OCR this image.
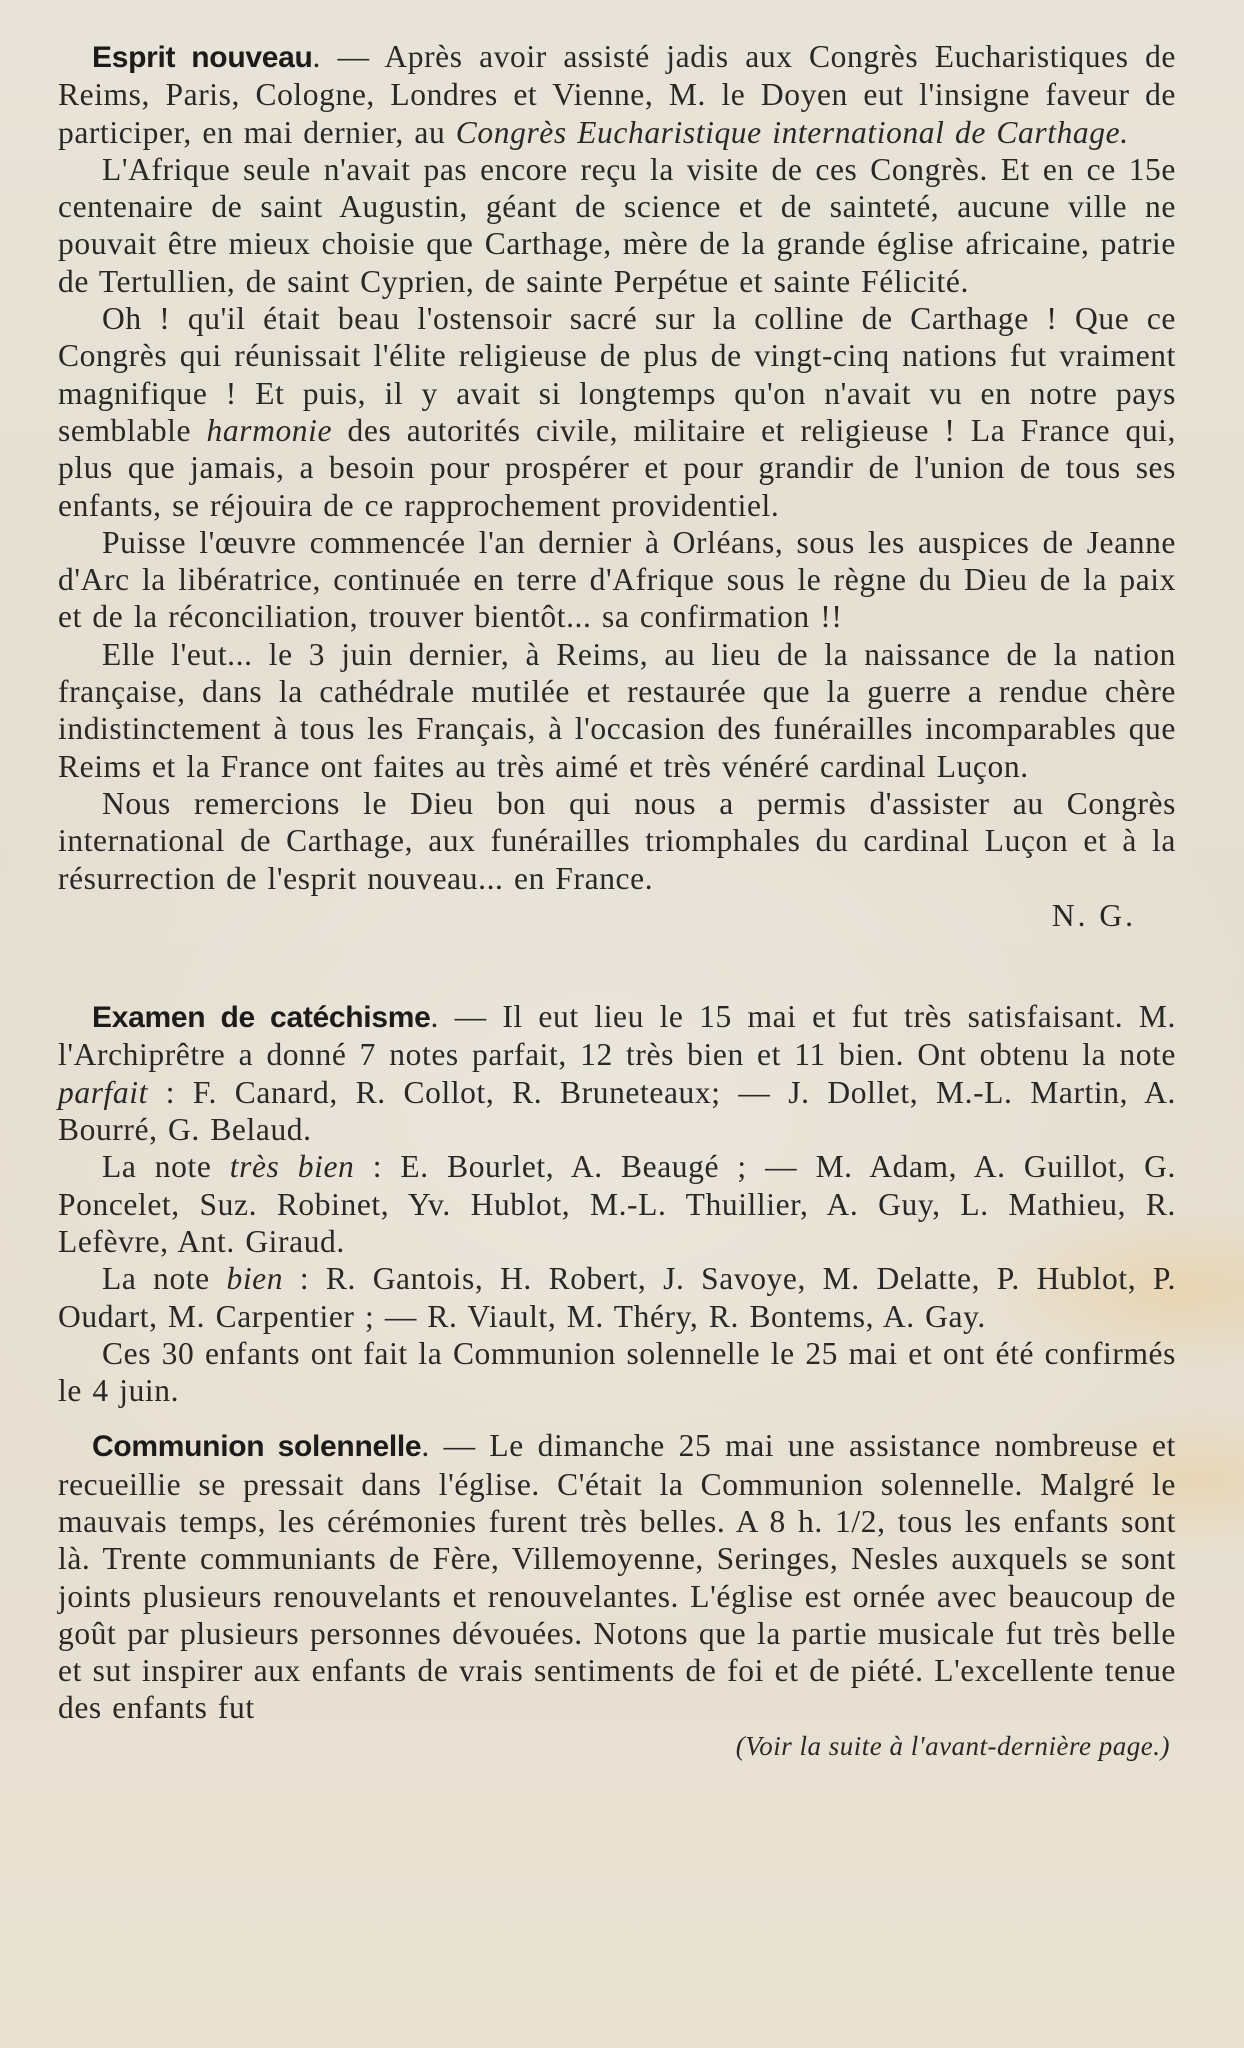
Esprit nouveau. — Après avoir assisté jadis aux Congrès Eucharistiques de Reims, Paris, Cologne, Londres et Vienne, M. le Doyen eut l'insigne faveur de participer, en mai dernier, au Congrès Eucharistique international de Carthage.

L'Afrique seule n'avait pas encore reçu la visite de ces Congrès. Et en ce 15e centenaire de saint Augustin, géant de science et de sainteté, aucune ville ne pouvait être mieux choisie que Carthage, mère de la grande église africaine, patrie de Tertullien, de saint Cyprien, de sainte Perpétue et sainte Félicité.

Oh ! qu'il était beau l'ostensoir sacré sur la colline de Carthage ! Que ce Congrès qui réunissait l'élite religieuse de plus de vingt-cinq nations fut vraiment magnifique ! Et puis, il y avait si longtemps qu'on n'avait vu en notre pays semblable harmonie des autorités civile, militaire et religieuse ! La France qui, plus que jamais, a besoin pour prospérer et pour grandir de l'union de tous ses enfants, se réjouira de ce rapprochement providentiel.

Puisse l'œuvre commencée l'an dernier à Orléans, sous les auspices de Jeanne d'Arc la libératrice, continuée en terre d'Afrique sous le règne du Dieu de la paix et de la réconciliation, trouver bientôt... sa confirmation !!

Elle l'eut... le 3 juin dernier, à Reims, au lieu de la naissance de la nation française, dans la cathédrale mutilée et restaurée que la guerre a rendue chère indistinctement à tous les Français, à l'occasion des funérailles incomparables que Reims et la France ont faites au très aimé et très vénéré cardinal Luçon.

Nous remercions le Dieu bon qui nous a permis d'assister au Congrès international de Carthage, aux funérailles triomphales du cardinal Luçon et à la résurrection de l'esprit nouveau... en France.

N. G.

Examen de catéchisme. — Il eut lieu le 15 mai et fut très satisfaisant. M. l'Archiprêtre a donné 7 notes parfait, 12 très bien et 11 bien. Ont obtenu la note parfait : F. Canard, R. Collot, R. Bruneteaux; — J. Dollet, M.-L. Martin, A. Bourré, G. Belaud.

La note très bien : E. Bourlet, A. Beaugé ; — M. Adam, A. Guillot, G. Poncelet, Suz. Robinet, Yv. Hublot, M.-L. Thuillier, A. Guy, L. Mathieu, R. Lefèvre, Ant. Giraud.

La note bien : R. Gantois, H. Robert, J. Savoye, M. Delatte, P. Hublot, P. Oudart, M. Carpentier ; — R. Viault, M. Théry, R. Bontems, A. Gay.

Ces 30 enfants ont fait la Communion solennelle le 25 mai et ont été confirmés le 4 juin.

Communion solennelle. — Le dimanche 25 mai une assistance nombreuse et recueillie se pressait dans l'église. C'était la Communion solennelle. Malgré le mauvais temps, les cérémonies furent très belles. A 8 h. 1/2, tous les enfants sont là. Trente communiants de Fère, Villemoyenne, Seringes, Nesles auxquels se sont joints plusieurs renouvelants et renouvelantes. L'église est ornée avec beaucoup de goût par plusieurs personnes dévouées. Notons que la partie musicale fut très belle et sut inspirer aux enfants de vrais sentiments de foi et de piété. L'excellente tenue des enfants fut

(Voir la suite à l'avant-dernière page.)
